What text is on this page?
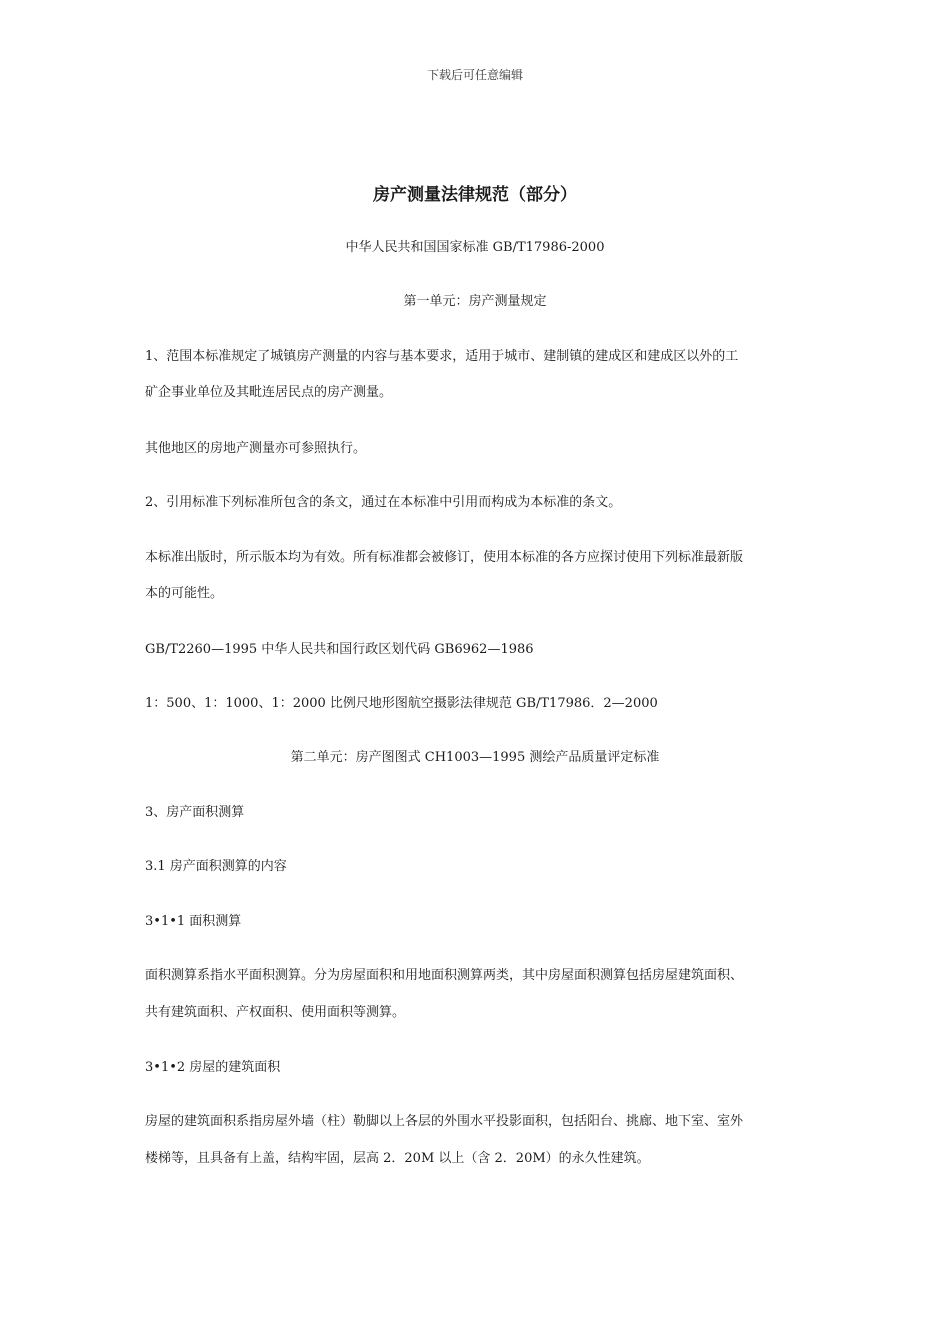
下载后可任意编辑
房产测量法律规范（部分）
中华人民共和国国家标准 GB/T17986-2000
第一单元：房产测量规定
1、范围本标准规定了城镇房产测量的内容与基本要求，适用于城市、建制镇的建成区和建成区以外的工
矿企事业单位及其毗连居民点的房产测量。
其他地区的房地产测量亦可参照执行。
2、引用标准下列标准所包含的条文，通过在本标准中引用而构成为本标准的条文。
本标准出版时，所示版本均为有效。所有标准都会被修订，使用本标准的各方应探讨使用下列标准最新版
本的可能性。
GB/T2260—1995 中华人民共和国行政区划代码 GB6962—1986
1：500、1：1000、1：2000 比例尺地形图航空摄影法律规范 GB/T17986．2—2000
第二单元：房产图图式 CH1003—1995 测绘产品质量评定标准
3、房产面积测算
3.1 房产面积测算的内容
3•1•1 面积测算
面积测算系指水平面积测算。分为房屋面积和用地面积测算两类，其中房屋面积测算包括房屋建筑面积、
共有建筑面积、产权面积、使用面积等测算。
3•1•2 房屋的建筑面积
房屋的建筑面积系指房屋外墙（柱）勒脚以上各层的外围水平投影面积，包括阳台、挑廊、地下室、室外
楼梯等，且具备有上盖，结构牢固，层高 2．20M 以上（含 2．20M）的永久性建筑。
